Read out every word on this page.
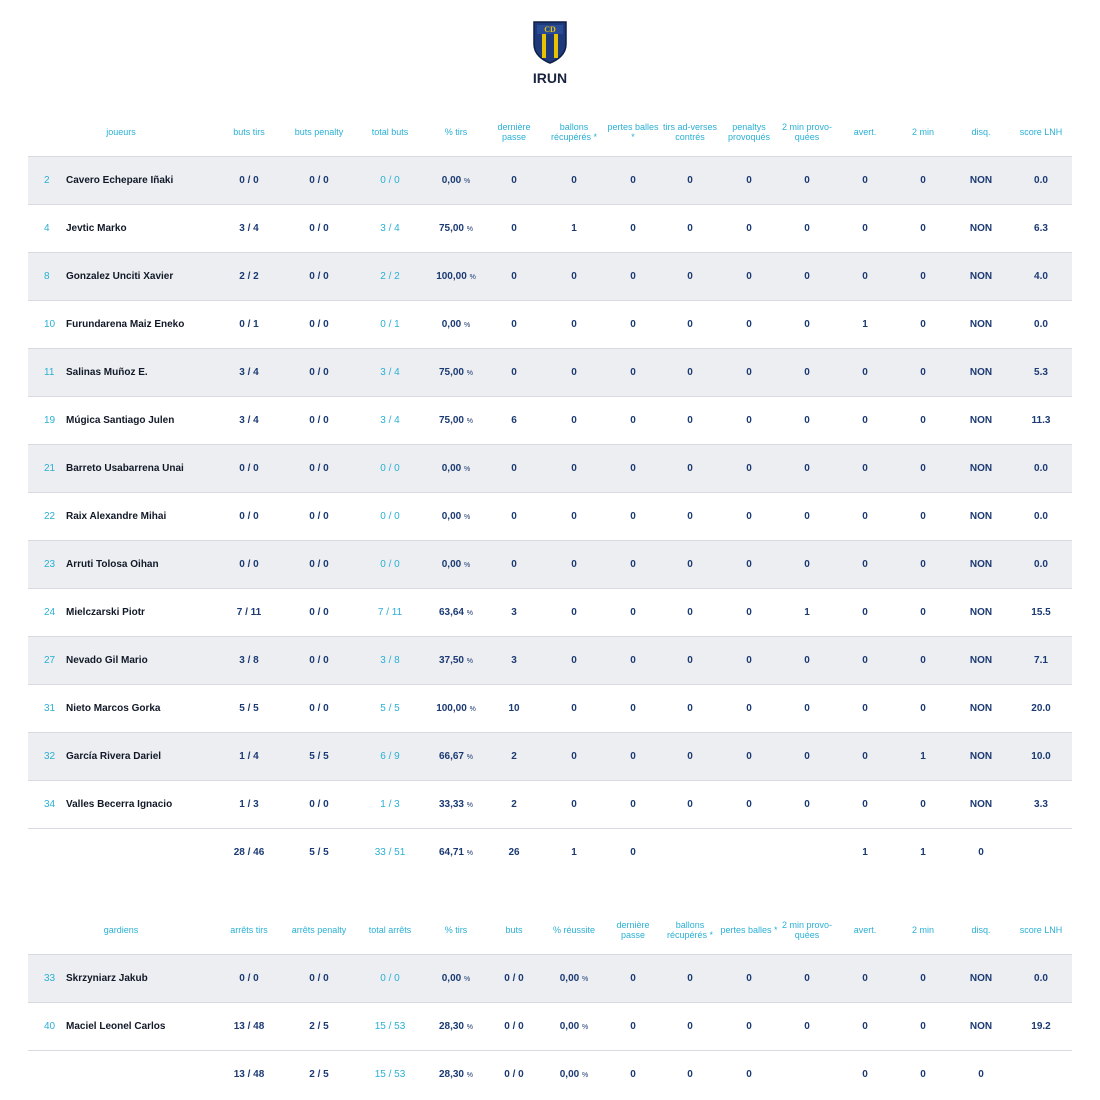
CD
IRUN
joueurs		buts tirs	buts penalty	total buts	% tirs	dernière passe	ballons récupérés *	pertes balles *	tirs ad-verses contrés	penaltys provoqués	2 min provo-quées	avert.	2 min	disq.	score LNH
2	Cavero Echepare Iñaki	0 / 0	0 / 0	0 / 0	0,00 %	0	0	0	0	0	0	0	0	NON	0.0
4	Jevtic Marko	3 / 4	0 / 0	3 / 4	75,00 %	0	1	0	0	0	0	0	0	NON	6.3
8	Gonzalez Unciti Xavier	2 / 2	0 / 0	2 / 2	100,00 %	0	0	0	0	0	0	0	0	NON	4.0
10	Furundarena Maiz Eneko	0 / 1	0 / 0	0 / 1	0,00 %	0	0	0	0	0	0	1	0	NON	0.0
11	Salinas Muñoz E.	3 / 4	0 / 0	3 / 4	75,00 %	0	0	0	0	0	0	0	0	NON	5.3
19	Múgica Santiago Julen	3 / 4	0 / 0	3 / 4	75,00 %	6	0	0	0	0	0	0	0	NON	11.3
21	Barreto Usabarrena Unai	0 / 0	0 / 0	0 / 0	0,00 %	0	0	0	0	0	0	0	0	NON	0.0
22	Raix Alexandre Mihai	0 / 0	0 / 0	0 / 0	0,00 %	0	0	0	0	0	0	0	0	NON	0.0
23	Arruti Tolosa Oihan	0 / 0	0 / 0	0 / 0	0,00 %	0	0	0	0	0	0	0	0	NON	0.0
24	Mielczarski Piotr	7 / 11	0 / 0	7 / 11	63,64 %	3	0	0	0	0	1	0	0	NON	15.5
27	Nevado Gil Mario	3 / 8	0 / 0	3 / 8	37,50 %	3	0	0	0	0	0	0	0	NON	7.1
31	Nieto Marcos Gorka	5 / 5	0 / 0	5 / 5	100,00 %	10	0	0	0	0	0	0	0	NON	20.0
32	García Rivera Dariel	1 / 4	5 / 5	6 / 9	66,67 %	2	0	0	0	0	0	0	1	NON	10.0
34	Valles Becerra Ignacio	1 / 3	0 / 0	1 / 3	33,33 %	2	0	0	0	0	0	0	0	NON	3.3
		28 / 46	5 / 5	33 / 51	64,71 %	26	1	0				1	1	0	
gardiens		arrêts tirs	arrêts penalty	total arrêts	% tirs	buts	% réussite	dernière passe	ballons récupérés *	pertes balles *	2 min provo-quées	avert.	2 min	disq.	score LNH
33	Skrzyniarz Jakub	0 / 0	0 / 0	0 / 0	0,00 %	0 / 0	0,00 %	0	0	0	0	0	0	NON	0.0
40	Maciel Leonel Carlos	13 / 48	2 / 5	15 / 53	28,30 %	0 / 0	0,00 %	0	0	0	0	0	0	NON	19.2
		13 / 48	2 / 5	15 / 53	28,30 %	0 / 0	0,00 %	0	0	0		0	0	0	
